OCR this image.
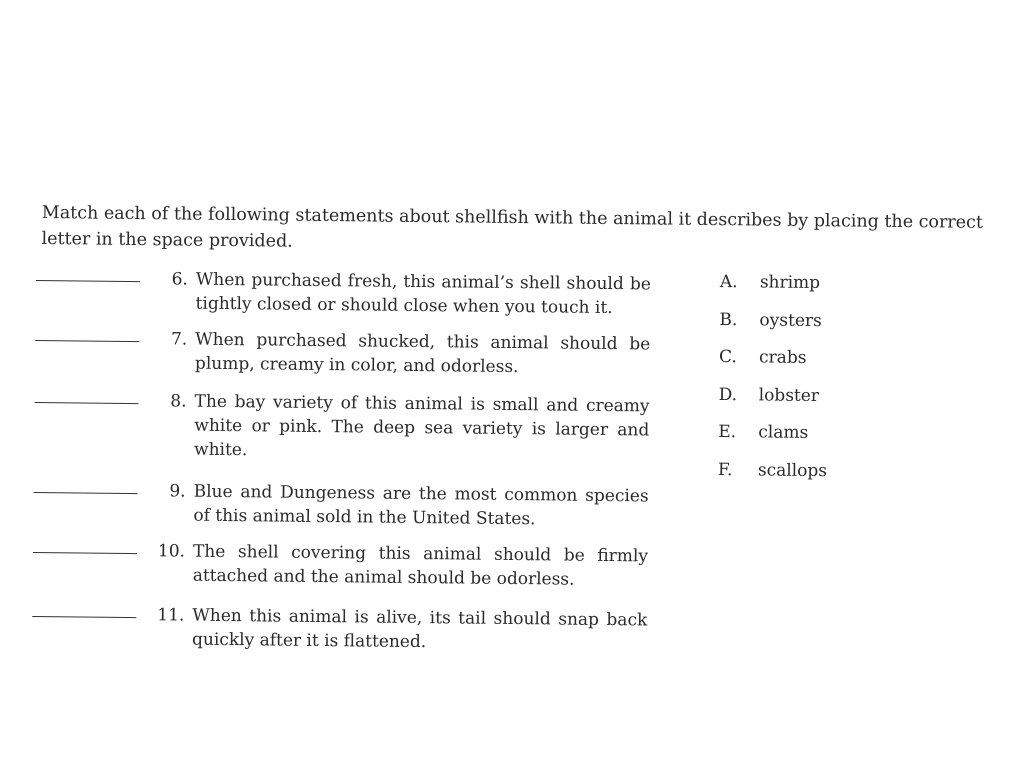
Match each of the following statements about shellfish with the animal it describes by placing the correct letter in the space provided.
6. When purchased fresh, this animal’s shell should be tightly closed or should close when you touch it.
7. When purchased shucked, this animal should be plump, creamy in color, and odorless.
8. The bay variety of this animal is small and creamy white or pink. The deep sea variety is larger and white.
9. Blue and Dungeness are the most common species of this animal sold in the United States.
10. The shell covering this animal should be firmly attached and the animal should be odorless.
11. When this animal is alive, its tail should snap back quickly after it is flattened.
A.	shrimp
B.	oysters
C.	crabs
D.	lobster
E.	clams
F.	scallops
